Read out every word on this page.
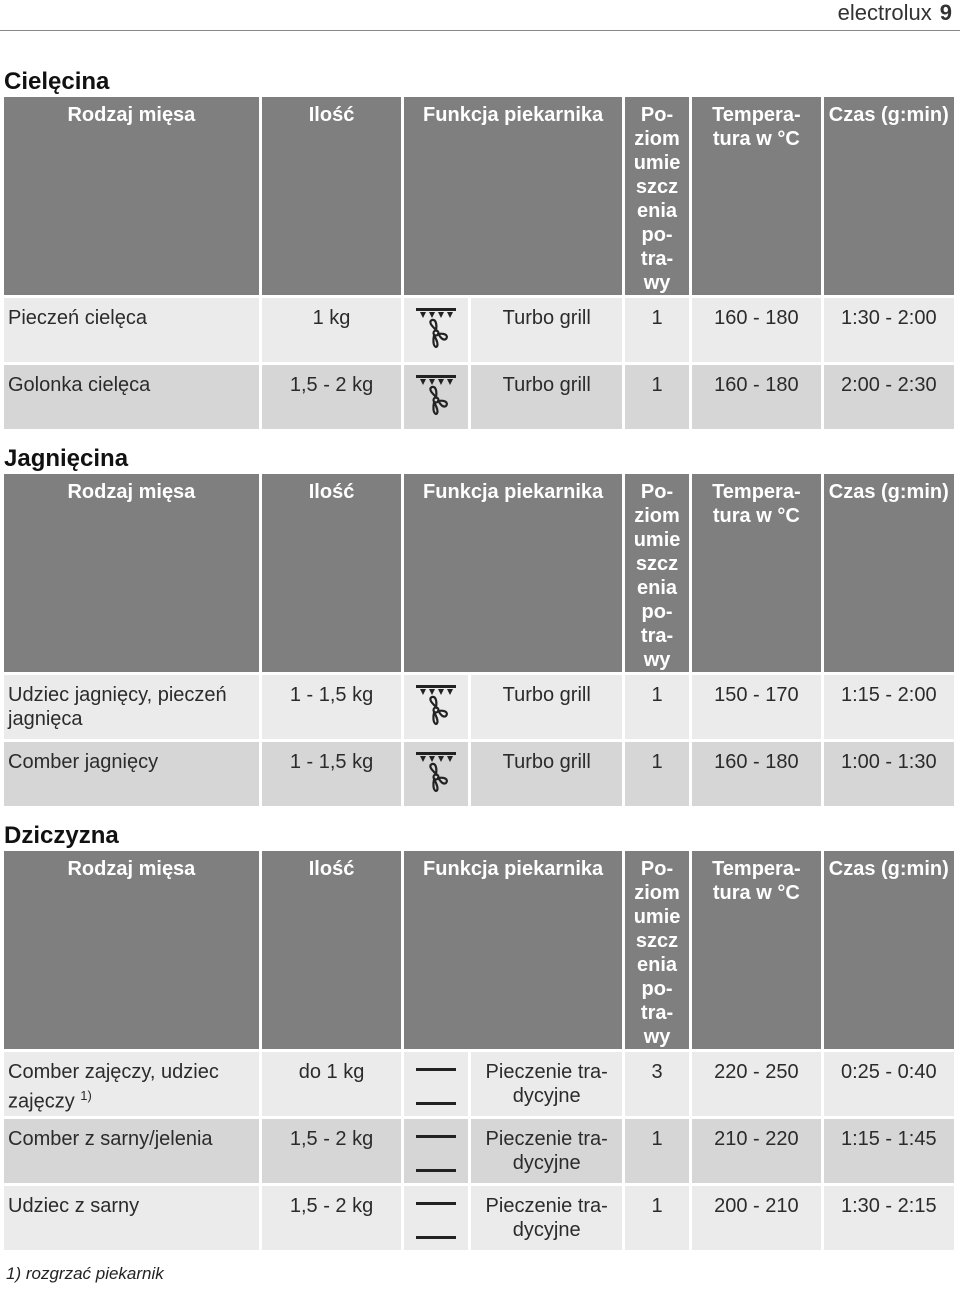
electrolux 9
Cielęcina
Rodzaj mięsa	Ilość	Funkcja piekarnika		Po-ziom umie szcz enia po-tra-wy	Tempera-tura w °C	Czas (g:min)
Pieczeń cielęca	1 kg		Turbo grill	1	160 - 180	1:30 - 2:00
Golonka cielęca	1,5 - 2 kg		Turbo grill	1	160 - 180	2:00 - 2:30
Jagnięcina
Rodzaj mięsa	Ilość	Funkcja piekarnika		Po-ziom umie szcz enia po-tra-wy	Tempera-tura w °C	Czas (g:min)
Udziec jagnięcy, pieczeń jagnięca	1 - 1,5 kg		Turbo grill	1	150 - 170	1:15 - 2:00
Comber jagnięcy	1 - 1,5 kg		Turbo grill	1	160 - 180	1:00 - 1:30
Dziczyzna
Rodzaj mięsa	Ilość	Funkcja piekarnika		Po-ziom umie szcz enia po-tra-wy	Tempera-tura w °C	Czas (g:min)
Comber zajęczy, udziec zajęczy $^{1)}$	do 1 kg		Pieczenie tra-dycyjne	3	220 - 250	0:25 - 0:40
Comber z sarny/jelenia	1,5 - 2 kg		Pieczenie tra-dycyjne	1	210 - 220	1:15 - 1:45
Udziec z sarny	1,5 - 2 kg		Pieczenie tra-dycyjne	1	200 - 210	1:30 - 2:15
1) rozgrzać piekarnik
